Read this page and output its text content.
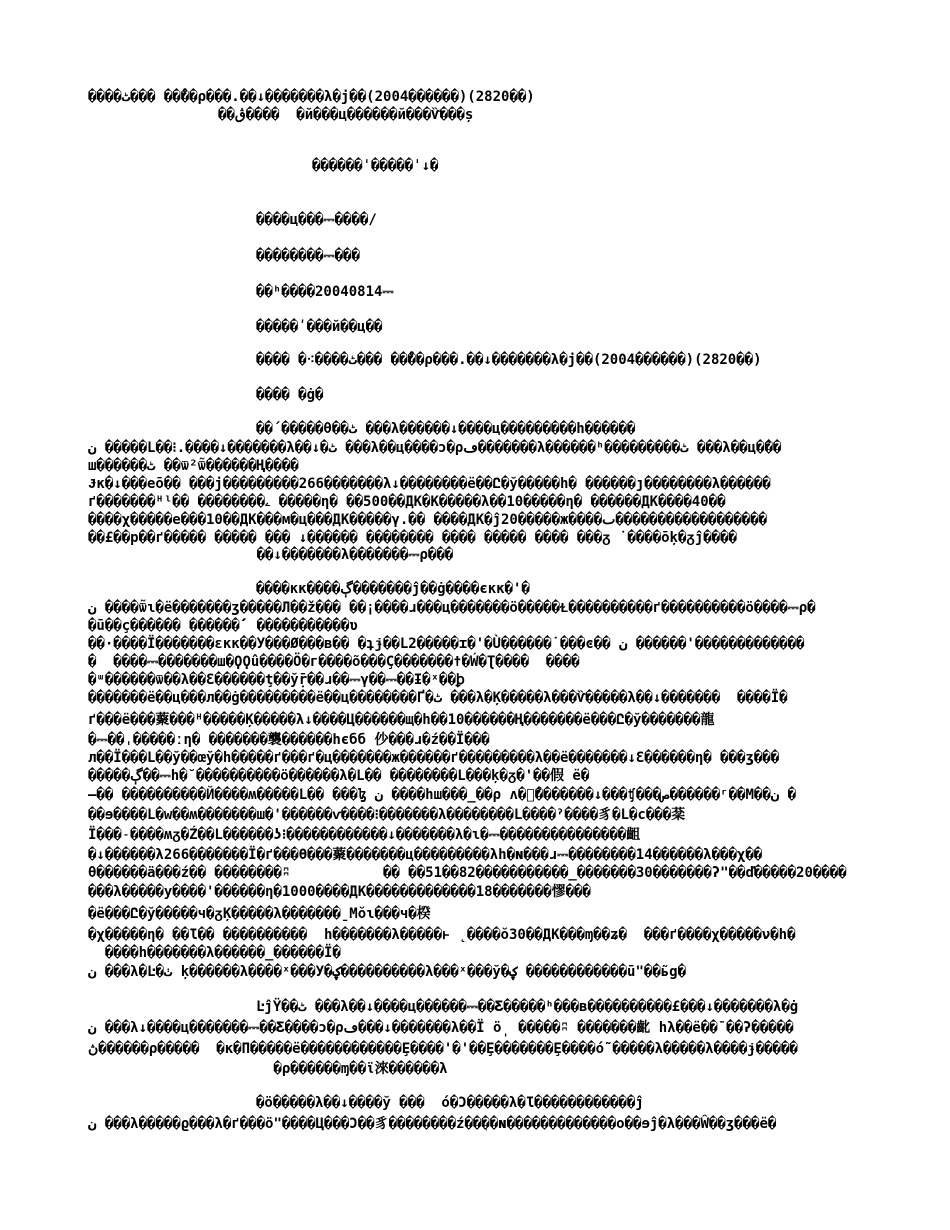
����ٹ��� ���ْ�ρ���.��↓�������λ�j��(2004������)(2820��)
��ڨ����  �й���ц������й���Ѷ���ș
������ˈ�����ˈ↓�
����ц���⎓����/
��������⎓���
��ʰ����20040814⎓
�����ʹ���й��ц��
���� �⁖����ٹ��� ���ْ�ρ���.��↓�������λ�j��(2004������)(2820��)
���� �ġ�
��́ �����θ��ٹ ���λ������↓����ц���������h������
ن �����L��⁝.����↓�������λ��↓�ٹ ���λ��ц����ͻ�ρڡ�������λ������ʰ���������ٹ ���λ��ц�̃��
ш������ٹ ��ѿ²ѿ̃������Ң����
Ɉĸ�↓���eō�� ���j���������266�������λ↓��������ё��Ը�ў�����h� ������ȷ��������λ������
ґ�������ᴴˡ�� ��������ۦ �����η� ��500��ДК�К�����λ��10�����η� ������ДК����40��
����χ�����е���10��ДК���м�ц���ДК�����γ.�� ����ДК�ĵ20�����ж����ٮ������������������
��£��р��ґ����� ����� ��� ↓������ �������� ���� ����� ���� ���ᵹ ˙����ōķ�ᵹĵ����
��↓�������λ�������⎓ρ���
����κκ����ڳ�������ĵ��ġ����єκκ�'�
ن ����ѿ̃ɩ�ё�������ʒ�����Л��ž��� ��¡����ɹ���ц�������ö�����Ɫ����������ґ����������ö����⎓ρ�
�ū��ç������ ������՛ �����������ʋ
��·����Ї�������εκκ��У���Ø���в�� �ʇɉ��L2�����ɪ�'�Ù������˙���ͼ�� ن ������'�������������
�  ����⎓�������ш�ϘϘû����Ö�г����õ���Ç�������ϯ�Ẃ�Ʈ����  ����
�ᵚ������ѿ��λ��Ԑ������ţ��ўṝ��ɹ��⎓γ��⎓��Ɨ�ˣ��ꝧ
�������ё��ц���л��ġ���������ё��ц��������Ґ�ٹ ���λ�Ķ�����λ���Ѷ�����λ��↓�������  ����Ї�
ґ���ё���藂���ᴴ�����Ķ�����λ↓����Ц������щ�h��10������Ң�������ё���Ը�ў�������龍
�⎓��ˌ�����ːη� �������襲������һєбб 仯���ɹ�ź��Ї���
л��Ї���L��ў��œў�h�����ґ���ґ�ц�������ж������ґ���������λ��ё�������↓Ɛ������η� ���ʒ���
�����ڳ��⎓h�˘����������ö������λ�L�� ��������L���ķ�ᵹ�'��假 ё�
–�� ����������Й����ʍ�����L�� ���ɮ ن ����hш���_��ρ ʌ��ًٰ������↓���ʧ���ص������ʳ��M��ن �
��ɘ����L�w��ʍ�������ш�'������ѵ����⁝�������λ��������L����ˀ����豸�L�c���棻
Ї���˗����ʍᵹ�Ź��L������ʖ⁝������������↓�������λ�ɩ�⎓���������������齟
�↓������λ266�������Ї�ґ���Ө���藂�������ц���������λһ�ɴ���ɹ⎓��������14������λ���χ��
θ������ä���ź�� ��������ʭ           �� ��51��82�����������_�������30�������ʔ"��ď�����20����
���λ�����у����'������η�1000����ДК�������������18�������憀���
�ё���Ը�ў�����ч�ᵹĶ�����λ�������ˍMŏɩ���ч�楑
�χ�����η� ��Ɩ�� ����������  h�������λ�����ͱ ˛����ŏ30��ДК���ɱ��ʑ�  ���ґ����χ�����ν�h�
����h�������λ������_������Ї�
ن ���λ�Ŀ�ٺ ķ������λ����ˣ���У�ؼ����������λ���ˣ���ў�ؼ ������������ū"��ь̃g�
ĿĵΫ��ٹ ���λ��↓����ц������⎓��Ƹ�����ʰ���в����������£���↓�������λ�ġ
ن ���λ↓����ц�������⎓��Ƹ����ɔ�ρڡ���↓�������λ��Ї ö̩ �����ʭ �������齔 hλ��ё��ˉ��ʔ�����
ڽ������ρ�����  �κ�Π�����ё������������Ȩ����'�'��Ȩ�������Ȩ����ó̃˜�����λ�����λ����ɉ�����
�ρ������ɱ��ϊ淶������λ
�ö�����λ��↓����ў ���  ó�Ɔ�����λ�Ɩ������������ĵ
ن ���λ�����ϱ���λ�ґ���ӧ"����Ц���Ɔ��豸��������ź��ֻ��ɴ�������������о��ɘĵ�λ���Ŵ��ʒ���ё�
